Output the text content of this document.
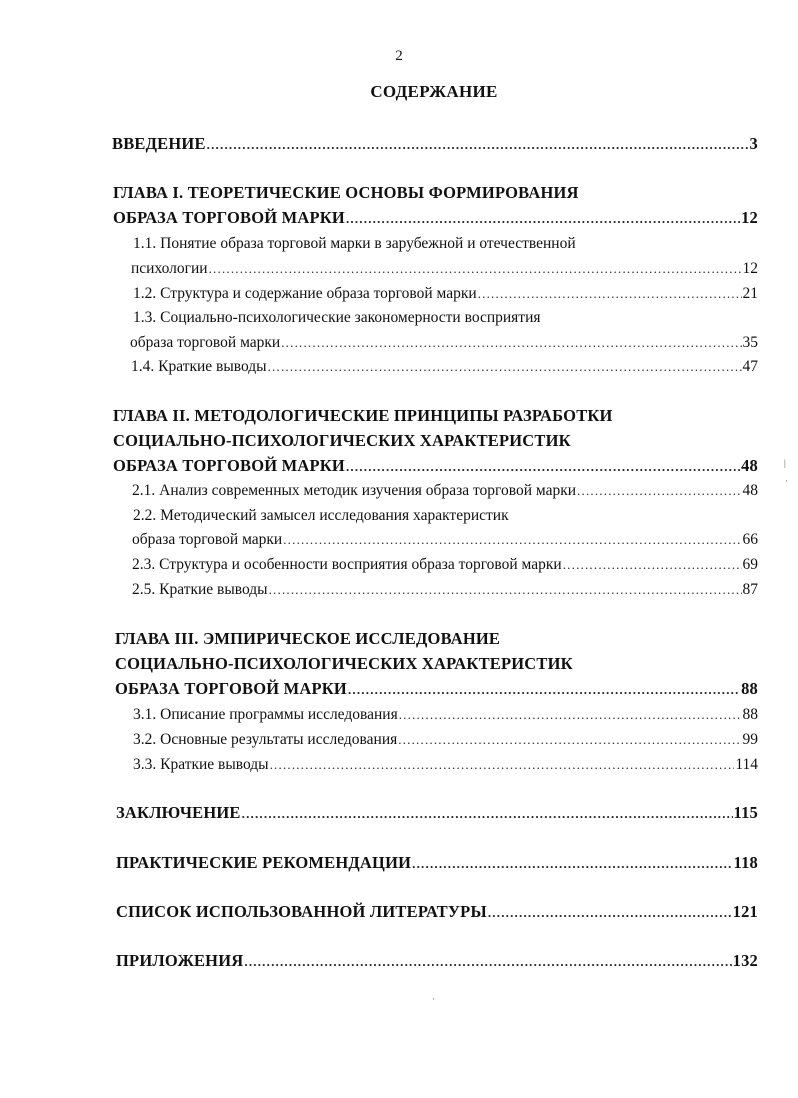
2
СОДЕРЖАНИЕ
ВВЕДЕНИЕ .....	3
ГЛАВА I. ТЕОРЕТИЧЕСКИЕ ОСНОВЫ ФОРМИРОВАНИЯ
ОБРАЗА ТОРГОВОЙ МАРКИ .....	12
1.1. Понятие образа торговой марки в зарубежной и отечественной
психологии .....	12
1.2. Структура и содержание образа торговой марки .....	21
1.3. Социально-психологические закономерности восприятия
образа торговой марки .....	35
1.4. Краткие выводы .....	47
ГЛАВА II. МЕТОДОЛОГИЧЕСКИЕ ПРИНЦИПЫ РАЗРАБОТКИ
СОЦИАЛЬНО-ПСИХОЛОГИЧЕСКИХ ХАРАКТЕРИСТИК
ОБРАЗА ТОРГОВОЙ МАРКИ .....	48
2.1. Анализ современных методик изучения образа торговой марки .....	48
2.2. Методический замысел исследования характеристик
образа торговой марки .....	66
2.3. Структура и особенности восприятия образа торговой марки .....	69
2.5. Краткие выводы .....	87
ГЛАВА III. ЭМПИРИЧЕСКОЕ ИССЛЕДОВАНИЕ
СОЦИАЛЬНО-ПСИХОЛОГИЧЕСКИХ ХАРАКТЕРИСТИК
ОБРАЗА ТОРГОВОЙ МАРКИ .....	88
3.1. Описание программы исследования .....	88
3.2. Основные результаты исследования .....	99
3.3. Краткие выводы .....	114
ЗАКЛЮЧЕНИЕ .....	115
ПРАКТИЧЕСКИЕ РЕКОМЕНДАЦИИ .....	118
СПИСОК ИСПОЛЬЗОВАННОЙ ЛИТЕРАТУРЫ .....	121
ПРИЛОЖЕНИЯ .....	132
|
·
·
